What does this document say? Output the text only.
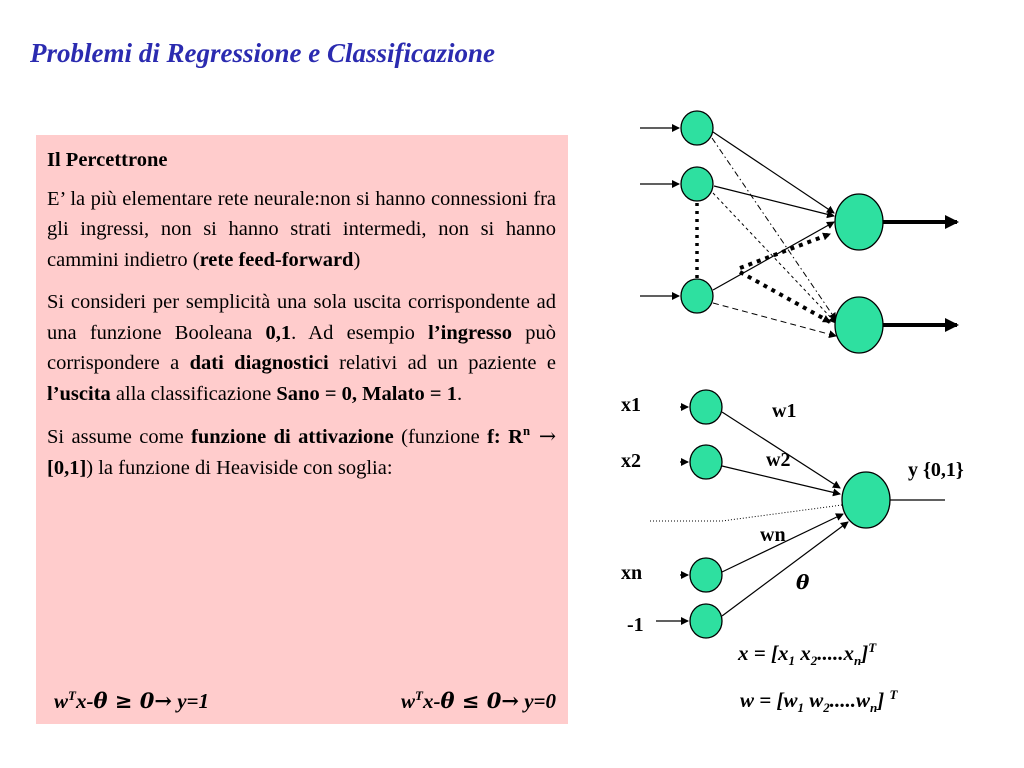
Problemi di Regressione e Classificazione

Il Percettrone

E’ la più elementare rete neurale:non si hanno connessioni fra gli ingressi, non si hanno strati intermedi, non si hanno cammini indietro (rete feed-forward)

Si consideri per semplicità una sola uscita corrispondente ad una funzione Booleana 0,1. Ad esempio l’ingresso può corrispondere a dati diagnostici relativi ad un paziente e l’uscita alla classificazione Sano = 0, Malato = 1.

Si assume come funzione di attivazione (funzione f: $R^n \to [0,1]$) la funzione di Heaviside con soglia:

$w^Tx-\theta \ge 0\to y=1$	$w^Tx-\theta \le 0\to y=0$
x1
x2
xn
-1
w1
w2
wn
θ
y {0,1}
$x = [x_1$ $x_2.....x_n]^T$
$w = [w_1$ $w_2.....w_n$] $^T$
